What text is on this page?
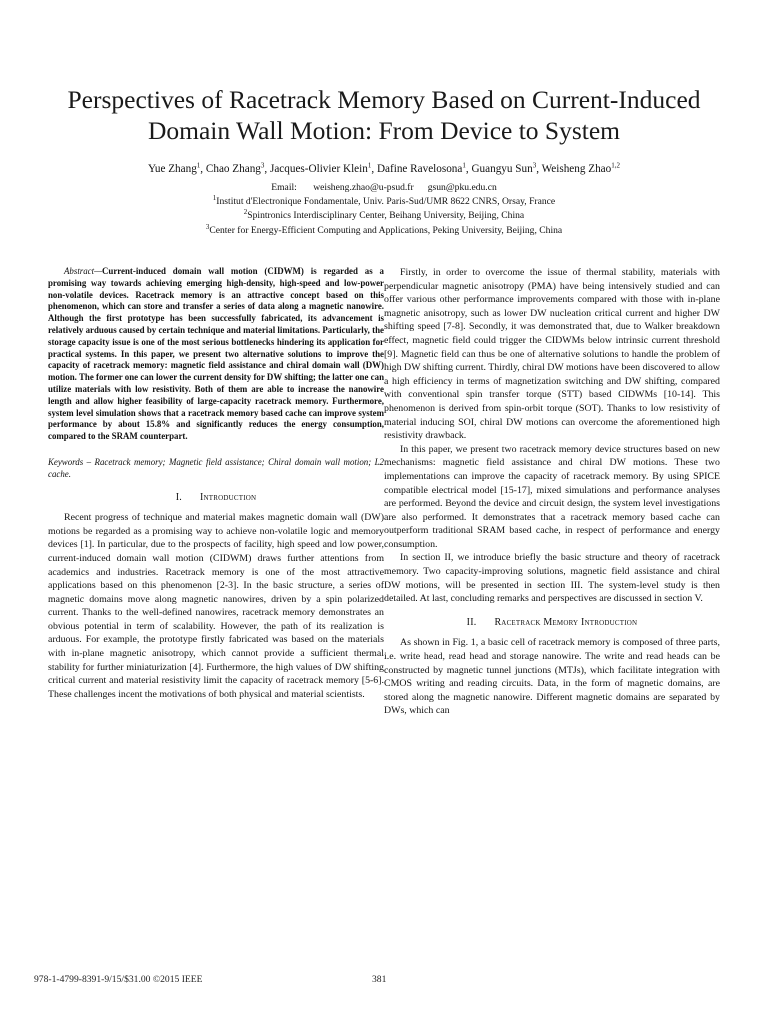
Perspectives of Racetrack Memory Based on Current-Induced Domain Wall Motion: From Device to System
Yue Zhang$^1$, Chao Zhang$^3$, Jacques-Olivier Klein$^1$, Dafine Ravelosona$^1$, Guangyu Sun$^3$, Weisheng Zhao$^{1,2}$
Email: weisheng.zhao@u-psud.fr gsun@pku.edu.cn
$^1$Institut d'Electronique Fondamentale, Univ. Paris-Sud/UMR 8622 CNRS, Orsay, France
$^2$Spintronics Interdisciplinary Center, Beihang University, Beijing, China
$^3$Center for Energy-Efficient Computing and Applications, Peking University, Beijing, China

Abstract—Current-induced domain wall motion (CIDWM) is regarded as a promising way towards achieving emerging high-density, high-speed and low-power non-volatile devices. Racetrack memory is an attractive concept based on this phenomenon, which can store and transfer a series of data along a magnetic nanowire. Although the first prototype has been successfully fabricated, its advancement is relatively arduous caused by certain technique and material limitations. Particularly, the storage capacity issue is one of the most serious bottlenecks hindering its application for practical systems. In this paper, we present two alternative solutions to improve the capacity of racetrack memory: magnetic field assistance and chiral domain wall (DW) motion. The former one can lower the current density for DW shifting; the latter one can utilize materials with low resistivity. Both of them are able to increase the nanowire length and allow higher feasibility of large-capacity racetrack memory. Furthermore, system level simulation shows that a racetrack memory based cache can improve system performance by about 15.8% and significantly reduces the energy consumption, compared to the SRAM counterpart.

Keywords – Racetrack memory; Magnetic field assistance; Chiral domain wall motion; L2 cache.

I. Introduction

Recent progress of technique and material makes magnetic domain wall (DW) motions be regarded as a promising way to achieve non-volatile logic and memory devices [1]. In particular, due to the prospects of facility, high speed and low power, current-induced domain wall motion (CIDWM) draws further attentions from academics and industries. Racetrack memory is one of the most attractive applications based on this phenomenon [2-3]. In the basic structure, a series of magnetic domains move along magnetic nanowires, driven by a spin polarized current. Thanks to the well-defined nanowires, racetrack memory demonstrates an obvious potential in term of scalability. However, the path of its realization is arduous. For example, the prototype firstly fabricated was based on the materials with in-plane magnetic anisotropy, which cannot provide a sufficient thermal stability for further miniaturization [4]. Furthermore, the high values of DW shifting critical current and material resistivity limit the capacity of racetrack memory [5-6]. These challenges incent the motivations of both physical and material scientists.

Firstly, in order to overcome the issue of thermal stability, materials with perpendicular magnetic anisotropy (PMA) have being intensively studied and can offer various other performance improvements compared with those with in-plane magnetic anisotropy, such as lower DW nucleation critical current and higher DW shifting speed [7-8]. Secondly, it was demonstrated that, due to Walker breakdown effect, magnetic field could trigger the CIDWMs below intrinsic current threshold [9]. Magnetic field can thus be one of alternative solutions to handle the problem of high DW shifting current. Thirdly, chiral DW motions have been discovered to allow a high efficiency in terms of magnetization switching and DW shifting, compared with conventional spin transfer torque (STT) based CIDWMs [10-14]. This phenomenon is derived from spin-orbit torque (SOT). Thanks to low resistivity of material inducing SOI, chiral DW motions can overcome the aforementioned high resistivity drawback.

In this paper, we present two racetrack memory device structures based on new mechanisms: magnetic field assistance and chiral DW motions. These two implementations can improve the capacity of racetrack memory. By using SPICE compatible electrical model [15-17], mixed simulations and performance analyses are performed. Beyond the device and circuit design, the system level investigations are also performed. It demonstrates that a racetrack memory based cache can outperform traditional SRAM based cache, in respect of performance and energy consumption.

In section II, we introduce briefly the basic structure and theory of racetrack memory. Two capacity-improving solutions, magnetic field assistance and chiral DW motions, will be presented in section III. The system-level study is then detailed. At last, concluding remarks and perspectives are discussed in section V.

II. Racetrack Memory Introduction

As shown in Fig. 1, a basic cell of racetrack memory is composed of three parts, i.e. write head, read head and storage nanowire. The write and read heads can be constructed by magnetic tunnel junctions (MTJs), which facilitate integration with CMOS writing and reading circuits. Data, in the form of magnetic domains, are stored along the magnetic nanowire. Different magnetic domains are separated by DWs, which can

978-1-4799-8391-9/15/$31.00 ©2015 IEEE	381
